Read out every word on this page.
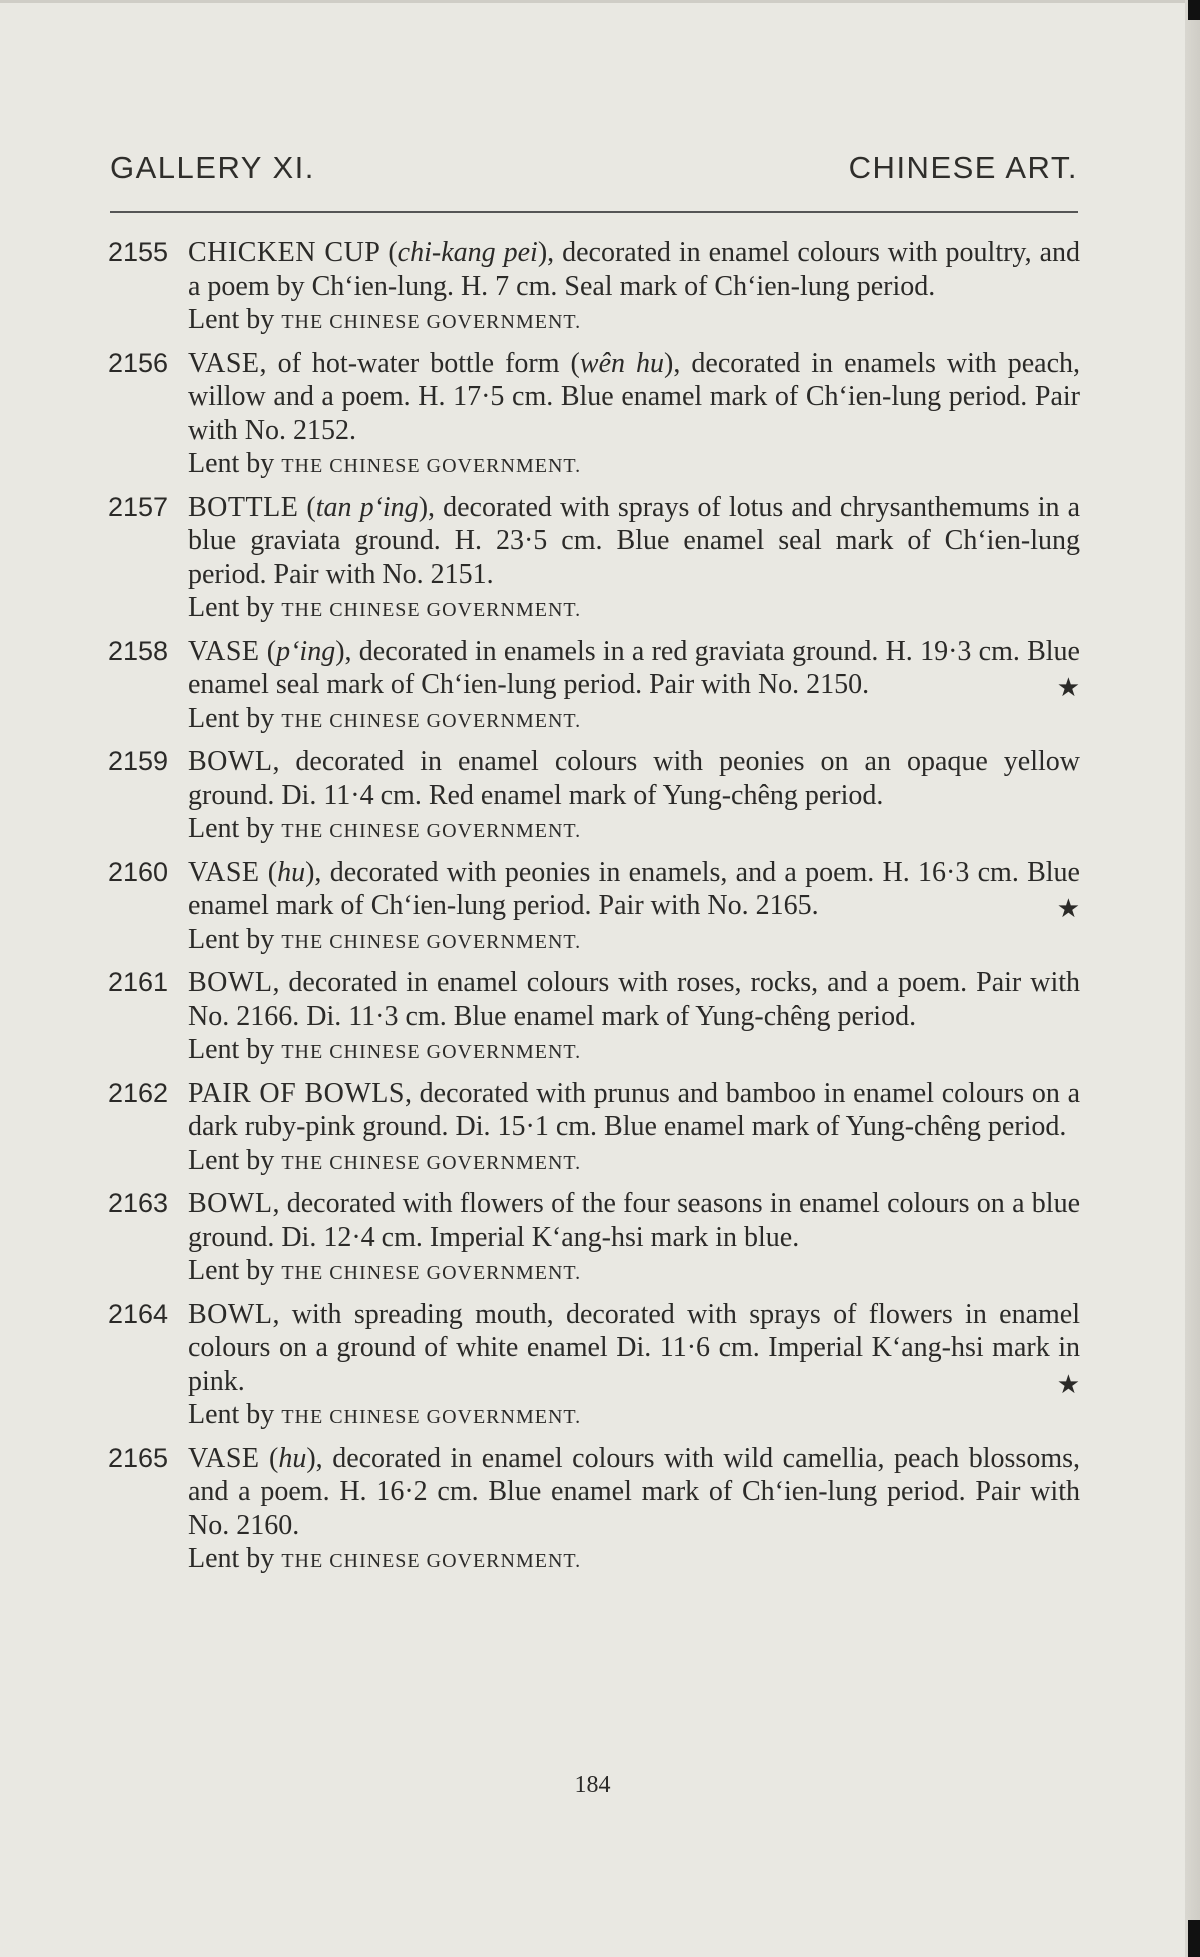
GALLERY XI.	CHINESE ART.
2155 CHICKEN CUP (chi-kang pei), decorated in enamel colours with poultry, and a poem by Ch‘ien-lung. H. 7 cm. Seal mark of Ch‘ien-lung period.
Lent by THE CHINESE GOVERNMENT.
2156 VASE, of hot-water bottle form (wên hu), decorated in enamels with peach, willow and a poem. H. 17·5 cm. Blue enamel mark of Ch‘ien-lung period. Pair with No. 2152.
Lent by THE CHINESE GOVERNMENT.
2157 BOTTLE (tan p‘ing), decorated with sprays of lotus and chrysanthemums in a blue graviata ground. H. 23·5 cm. Blue enamel seal mark of Ch‘ien-lung period. Pair with No. 2151.
Lent by THE CHINESE GOVERNMENT.
2158 VASE (p‘ing), decorated in enamels in a red graviata ground. H. 19·3 cm. Blue enamel seal mark of Ch‘ien-lung period. Pair with No. 2150.
Lent by THE CHINESE GOVERNMENT.
★
2159 BOWL, decorated in enamel colours with peonies on an opaque yellow ground. Di. 11·4 cm. Red enamel mark of Yung-chêng period.
Lent by THE CHINESE GOVERNMENT.
2160 VASE (hu), decorated with peonies in enamels, and a poem. H. 16·3 cm. Blue enamel mark of Ch‘ien-lung period. Pair with No. 2165.
Lent by THE CHINESE GOVERNMENT.
★
2161 BOWL, decorated in enamel colours with roses, rocks, and a poem. Pair with No. 2166. Di. 11·3 cm. Blue enamel mark of Yung-chêng period.
Lent by THE CHINESE GOVERNMENT.
2162 PAIR OF BOWLS, decorated with prunus and bamboo in enamel colours on a dark ruby-pink ground. Di. 15·1 cm. Blue enamel mark of Yung-chêng period.
Lent by THE CHINESE GOVERNMENT.
2163 BOWL, decorated with flowers of the four seasons in enamel colours on a blue ground. Di. 12·4 cm. Imperial K‘ang-hsi mark in blue.
Lent by THE CHINESE GOVERNMENT.
2164 BOWL, with spreading mouth, decorated with sprays of flowers in enamel colours on a ground of white enamel Di. 11·6 cm. Imperial K‘ang-hsi mark in pink.
Lent by THE CHINESE GOVERNMENT.
★
2165 VASE (hu), decorated in enamel colours with wild camellia, peach blossoms, and a poem. H. 16·2 cm. Blue enamel mark of Ch‘ien-lung period. Pair with No. 2160.
Lent by THE CHINESE GOVERNMENT.
184
